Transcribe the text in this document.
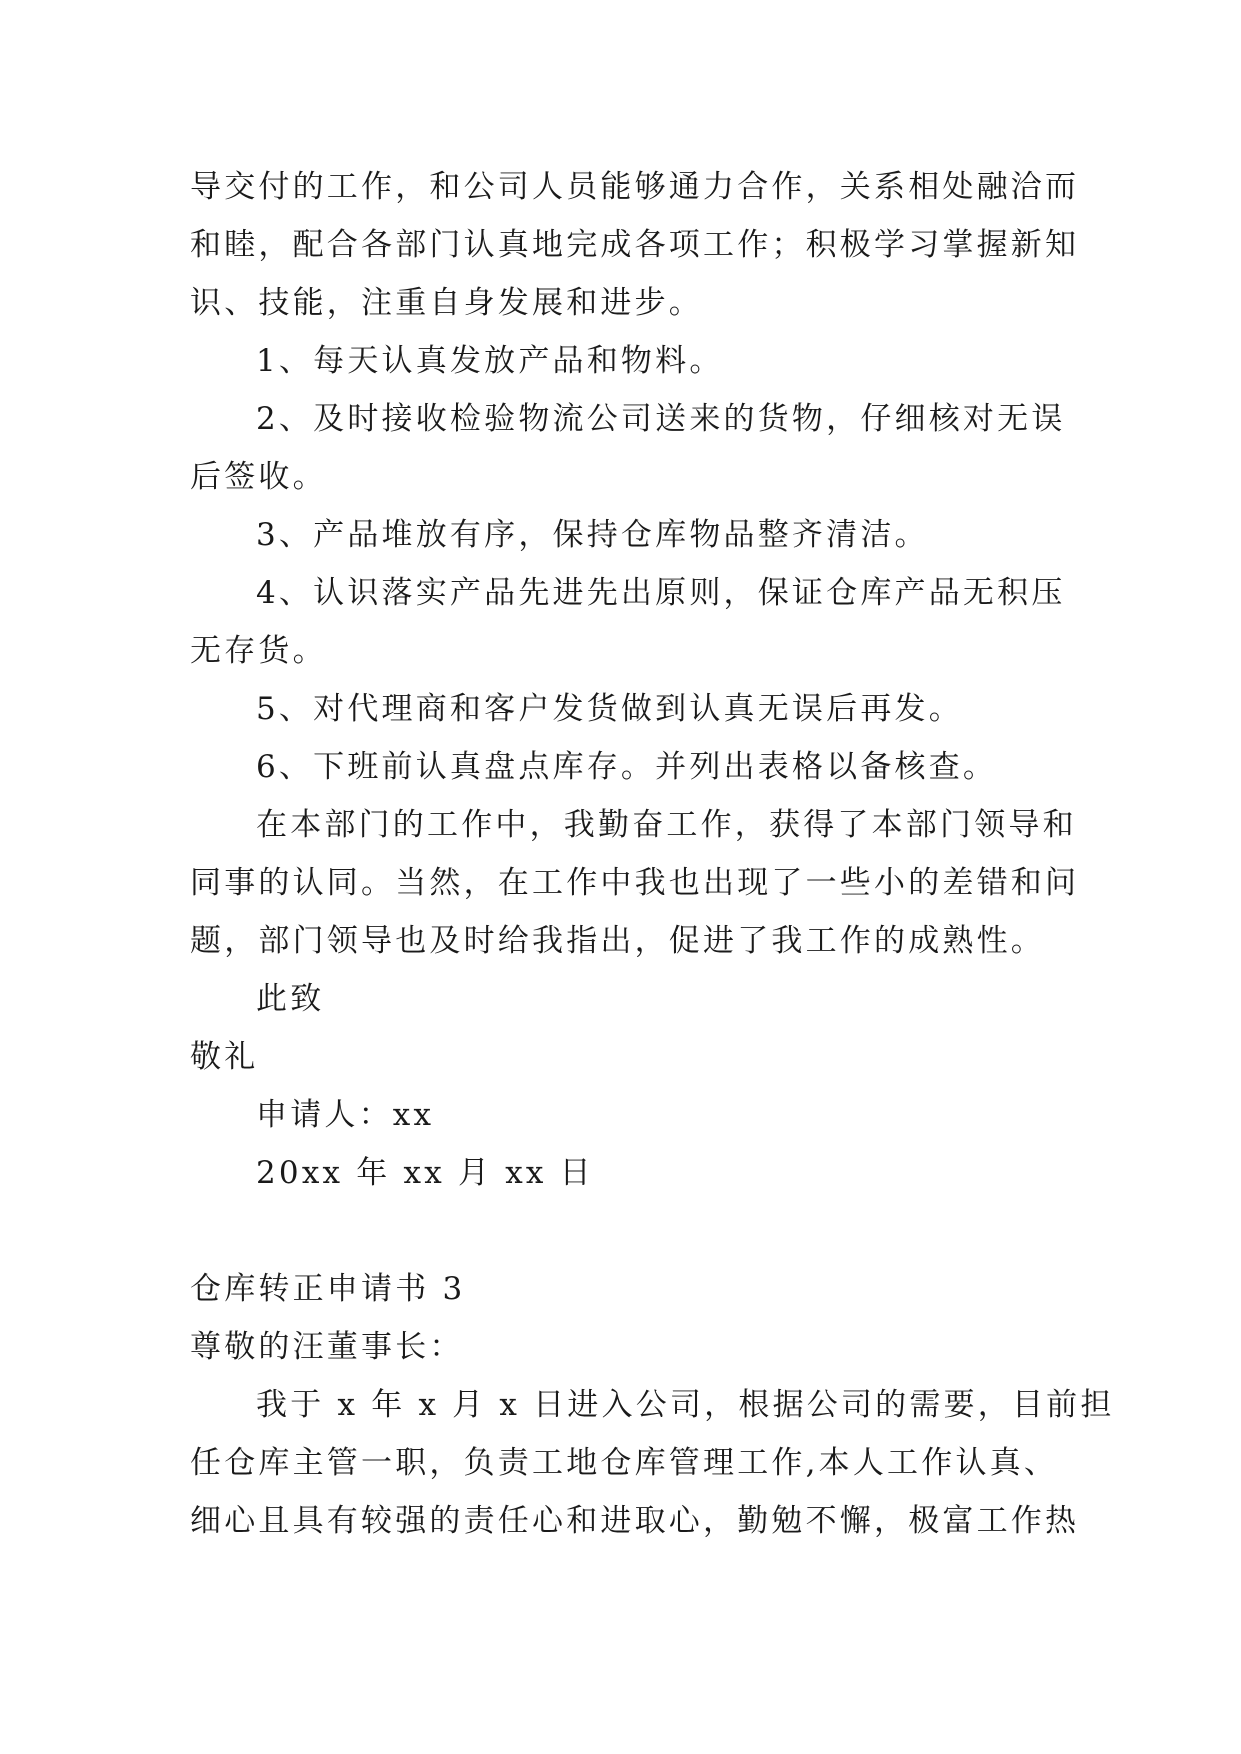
导交付的工作，和公司人员能够通力合作，关系相处融洽而

和睦，配合各部门认真地完成各项工作；积极学习掌握新知

识、技能，注重自身发展和进步。

1、每天认真发放产品和物料。

2、及时接收检验物流公司送来的货物，仔细核对无误

后签收。

3、产品堆放有序，保持仓库物品整齐清洁。

4、认识落实产品先进先出原则，保证仓库产品无积压

无存货。

5、对代理商和客户发货做到认真无误后再发。

6、下班前认真盘点库存。并列出表格以备核查。

在本部门的工作中，我勤奋工作，获得了本部门领导和

同事的认同。当然，在工作中我也出现了一些小的差错和问

题，部门领导也及时给我指出，促进了我工作的成熟性。

此致

敬礼

申请人：xx

20xx 年 xx 月 xx 日

仓库转正申请书 3

尊敬的汪董事长：

我于 x 年 x 月 x 日进入公司，根据公司的需要，目前担

任仓库主管一职，负责工地仓库管理工作,本人工作认真、

细心且具有较强的责任心和进取心，勤勉不懈，极富工作热
